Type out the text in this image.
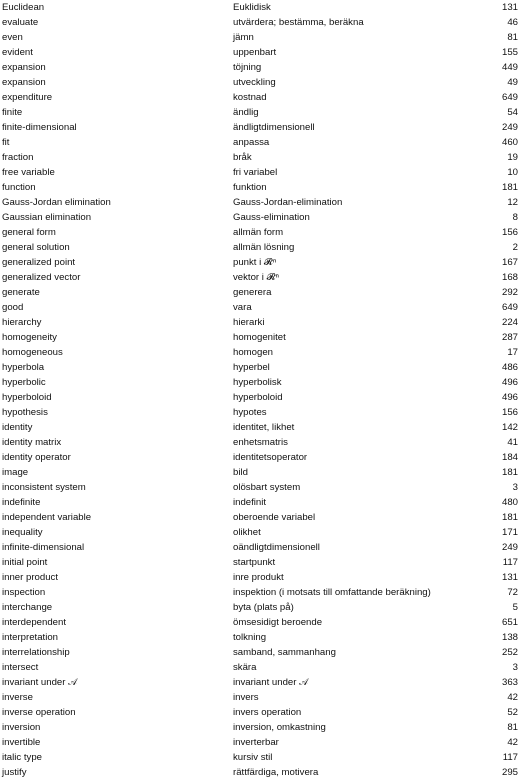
Euclidean	Euklidisk	131
evaluate	utvärdera; bestämma, beräkna	46
even	jämn	81
evident	uppenbart	155
expansion	töjning	449
expansion	utveckling	49
expenditure	kostnad	649
finite	ändlig	54
finite-dimensional	ändligtdimensionell	249
fit	anpassa	460
fraction	bråk	19
free variable	fri variabel	10
function	funktion	181
Gauss-Jordan elimination	Gauss-Jordan-elimination	12
Gaussian elimination	Gauss-elimination	8
general form	allmän form	156
general solution	allmän lösning	2
generalized point	punkt i 𝓡ⁿ	167
generalized vector	vektor i 𝓡ⁿ	168
generate	generera	292
good	vara	649
hierarchy	hierarki	224
homogeneity	homogenitet	287
homogeneous	homogen	17
hyperbola	hyperbel	486
hyperbolic	hyperbolisk	496
hyperboloid	hyperboloid	496
hypothesis	hypotes	156
identity	identitet, likhet	142
identity matrix	enhetsmatris	41
identity operator	identitetsoperator	184
image	bild	181
inconsistent system	olösbart system	3
indefinite	indefinit	480
independent variable	oberoende variabel	181
inequality	olikhet	171
infinite-dimensional	oändligtdimensionell	249
initial point	startpunkt	117
inner product	inre produkt	131
inspection	inspektion (i motsats till omfattande beräkning)	72
interchange	byta (plats på)	5
interdependent	ömsesidigt beroende	651
interpretation	tolkning	138
interrelationship	samband, sammanhang	252
intersect	skära	3
invariant under 𝒜	invariant under 𝒜	363
inverse	invers	42
inverse operation	invers operation	52
inversion	inversion, omkastning	81
invertible	inverterbar	42
italic type	kursiv stil	117
justify	rättfärdiga, motivera	295
